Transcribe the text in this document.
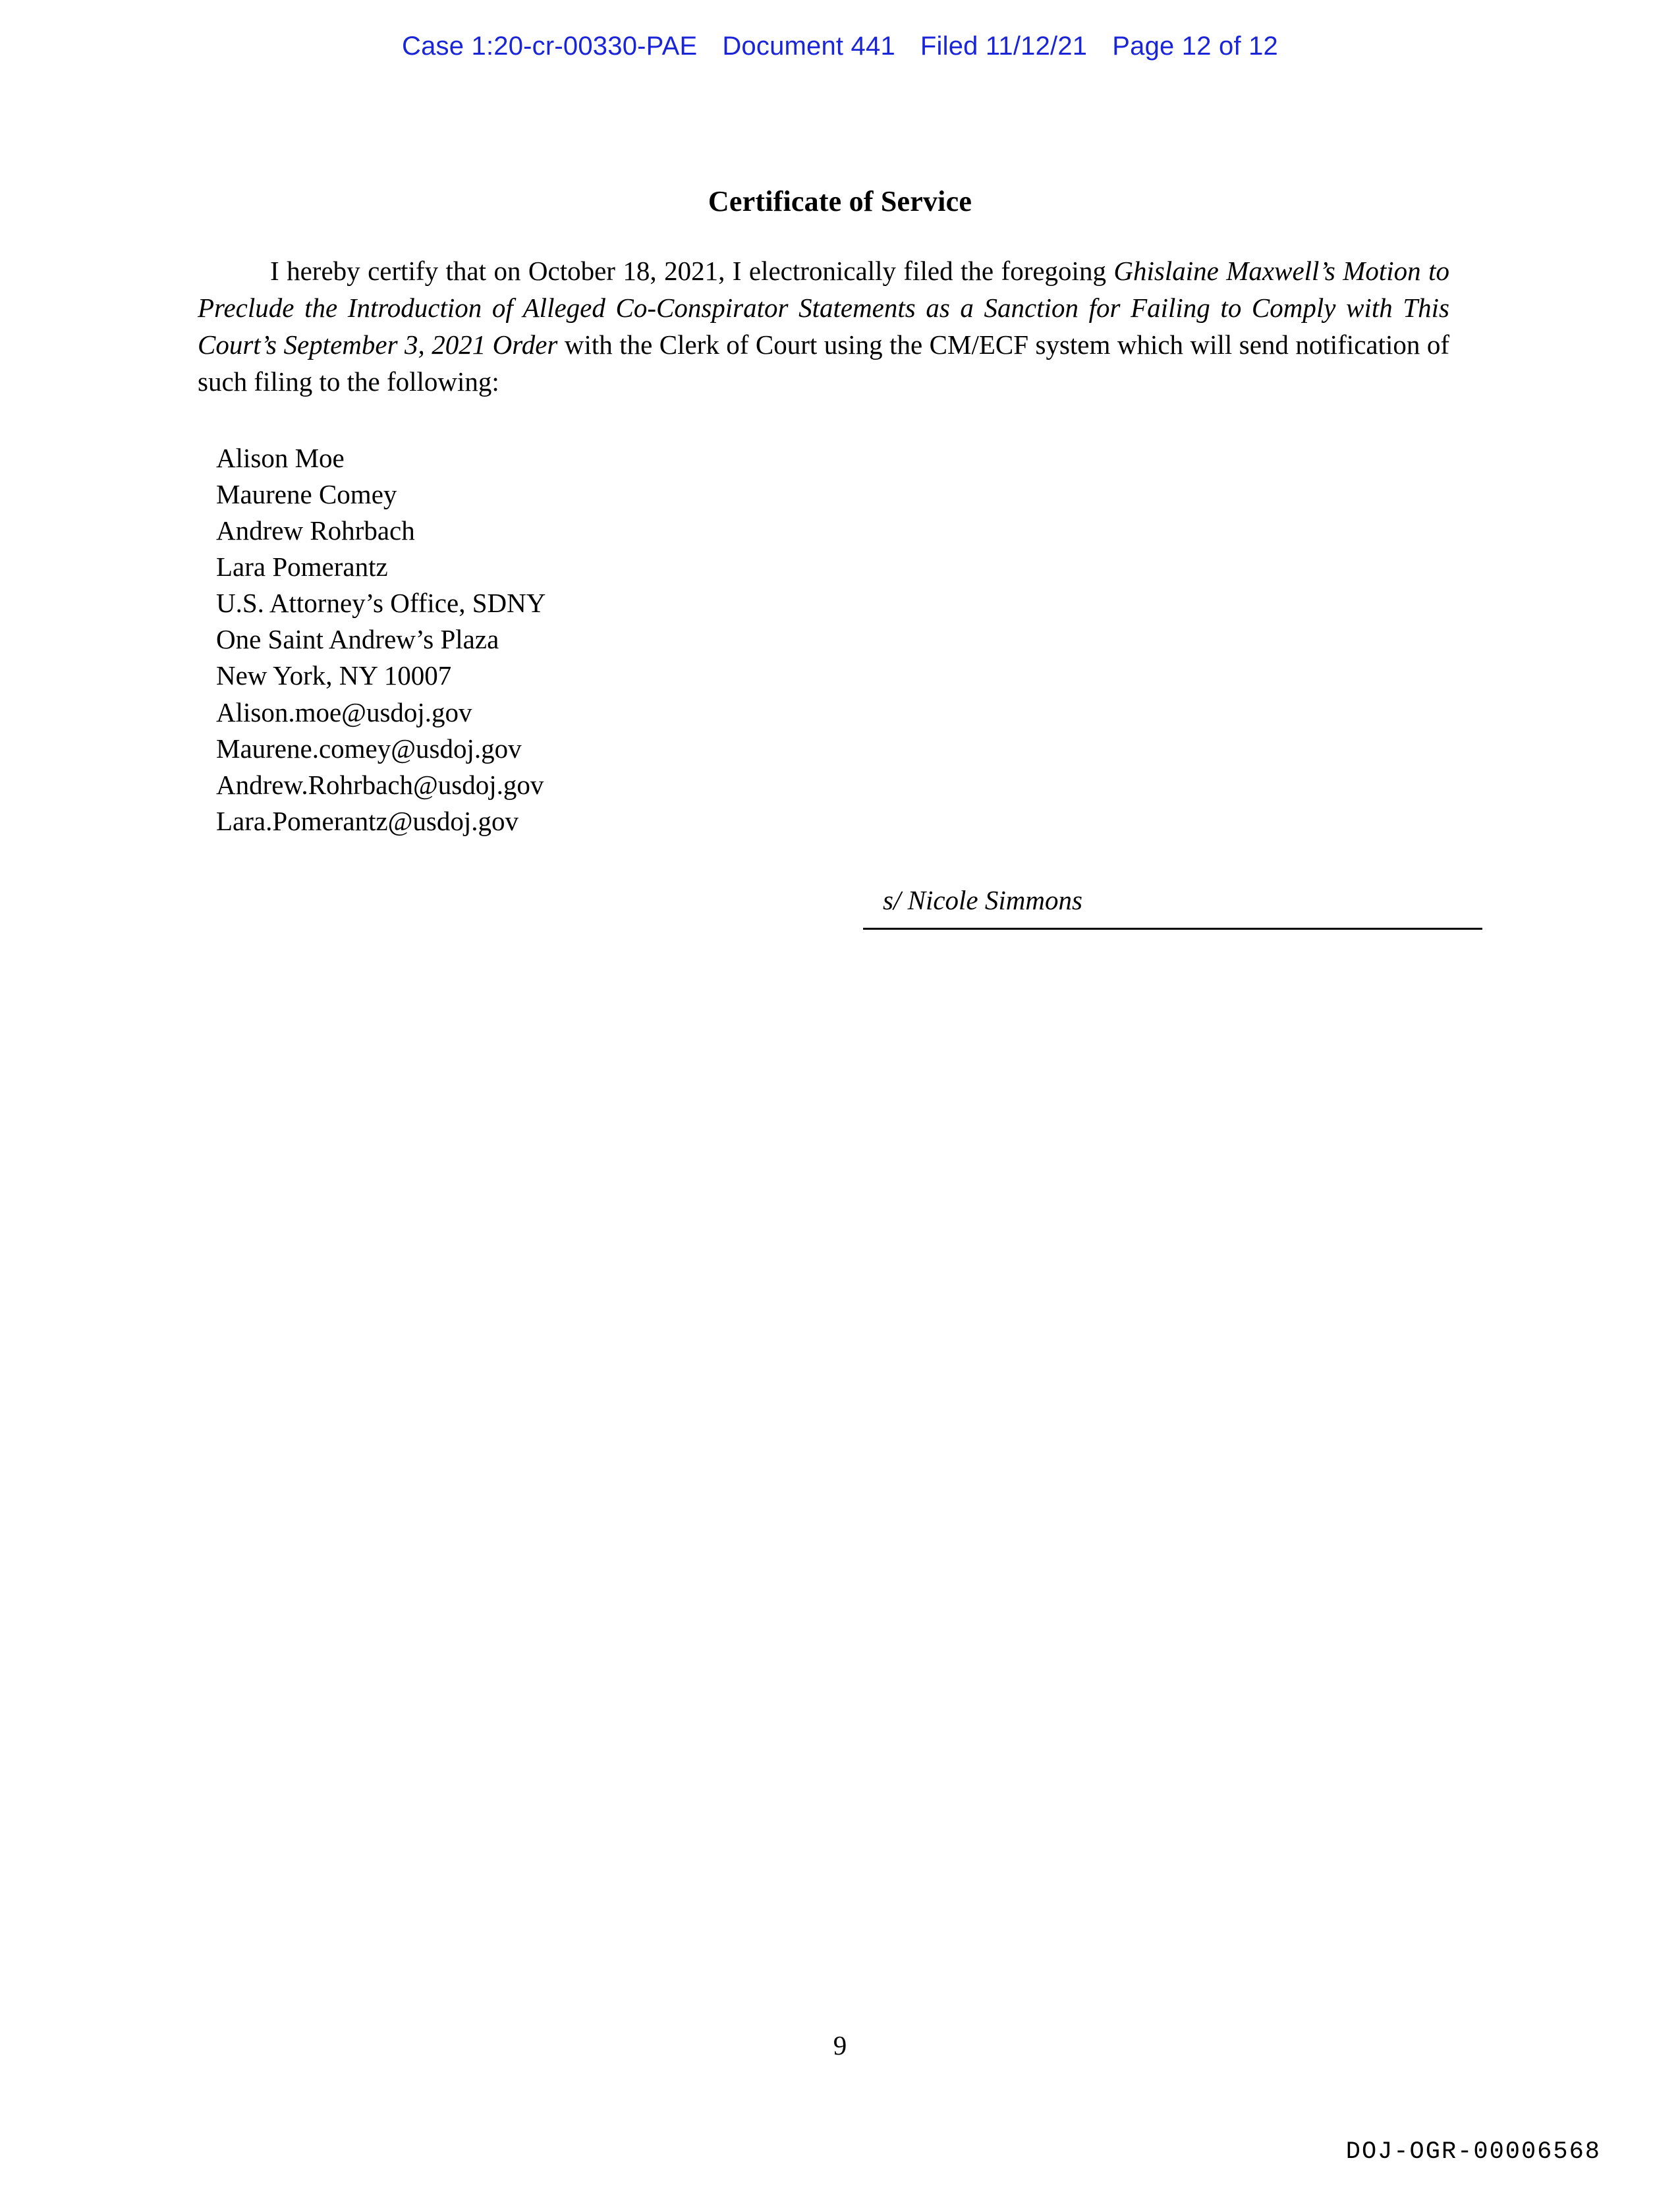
Case 1:20-cr-00330-PAE Document 441 Filed 11/12/21 Page 12 of 12
Certificate of Service

I hereby certify that on October 18, 2021, I electronically filed the foregoing Ghislaine Maxwell’s Motion to Preclude the Introduction of Alleged Co-Conspirator Statements as a Sanction for Failing to Comply with This Court’s September 3, 2021 Order with the Clerk of Court using the CM/ECF system which will send notification of such filing to the following:

Alison Moe
Maurene Comey
Andrew Rohrbach
Lara Pomerantz
U.S. Attorney’s Office, SDNY
One Saint Andrew’s Plaza
New York, NY 10007
Alison.moe@usdoj.gov
Maurene.comey@usdoj.gov
Andrew.Rohrbach@usdoj.gov
Lara.Pomerantz@usdoj.gov
s/ Nicole Simmons
9
DOJ-OGR-00006568
